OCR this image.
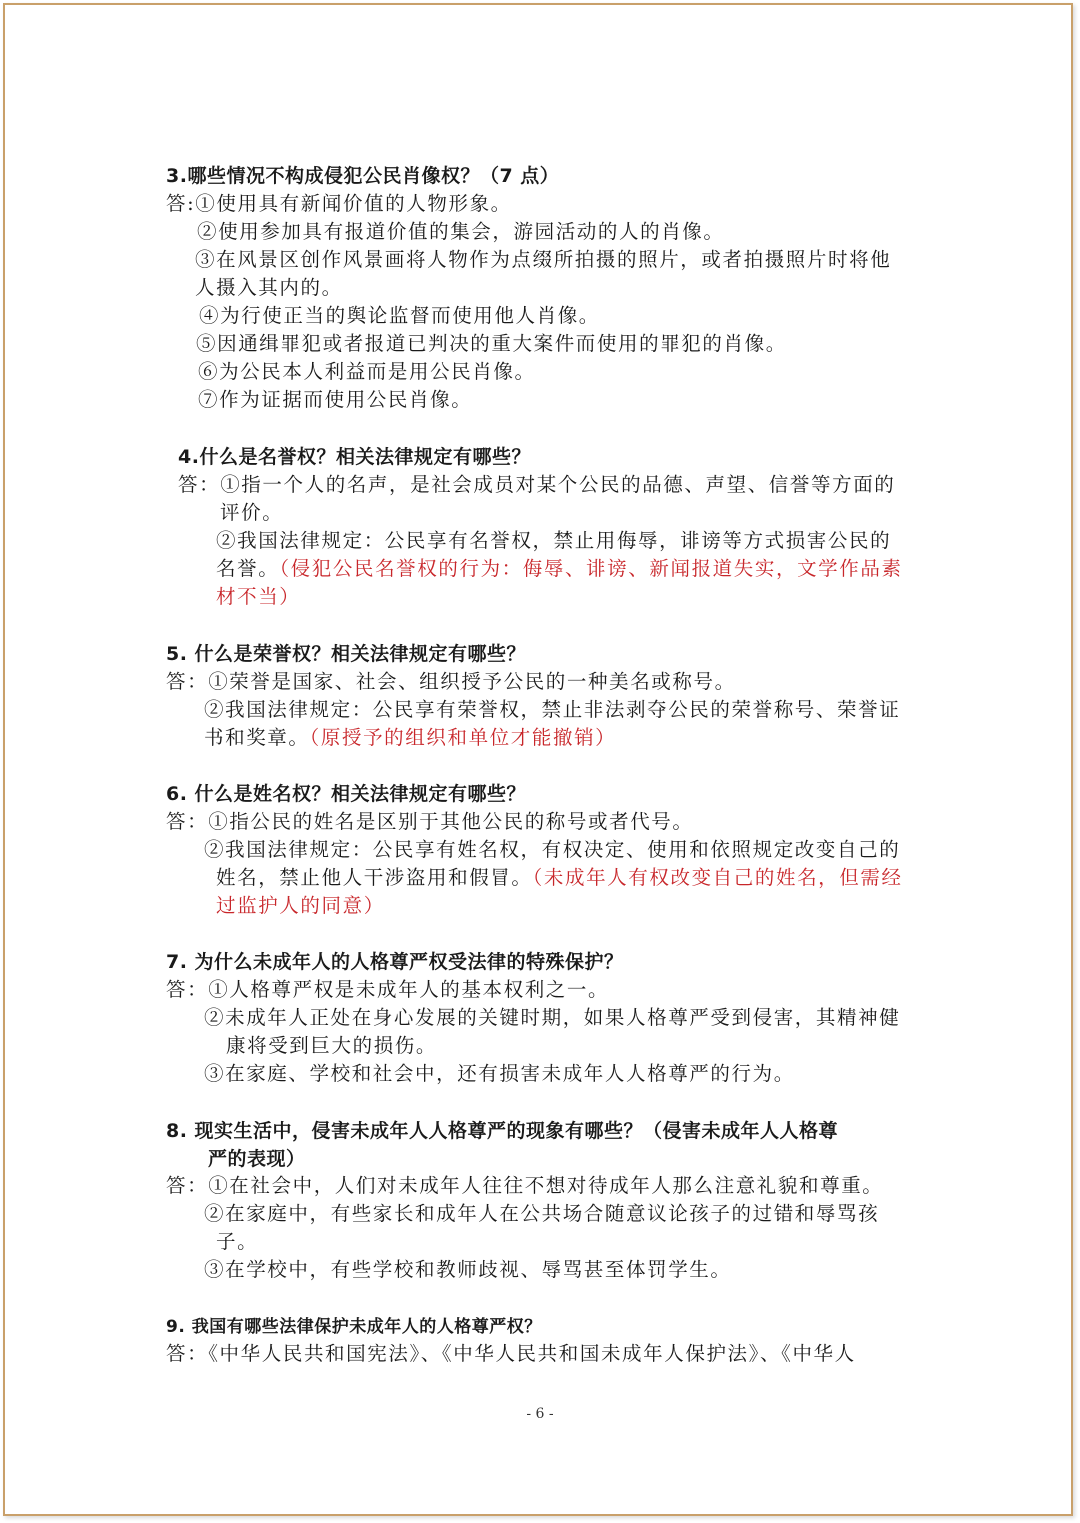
3.哪些情况不构成侵犯公民肖像权？（7 点）
答:①使用具有新闻价值的人物形象。
②使用参加具有报道价值的集会，游园活动的人的肖像。
③在风景区创作风景画将人物作为点缀所拍摄的照片，或者拍摄照片时将他
人摄入其内的。
④为行使正当的舆论监督而使用他人肖像。
⑤因通缉罪犯或者报道已判决的重大案件而使用的罪犯的肖像。
⑥为公民本人利益而是用公民肖像。
⑦作为证据而使用公民肖像。
4.什么是名誉权？相关法律规定有哪些？
答：①指一个人的名声，是社会成员对某个公民的品德、声望、信誉等方面的
评价。
②我国法律规定：公民享有名誉权，禁止用侮辱，诽谤等方式损害公民的
名誉。（侵犯公民名誉权的行为：侮辱、诽谤、新闻报道失实，文学作品素
材不当）
5. 什么是荣誉权？相关法律规定有哪些？
答：①荣誉是国家、社会、组织授予公民的一种美名或称号。
②我国法律规定：公民享有荣誉权，禁止非法剥夺公民的荣誉称号、荣誉证
书和奖章。（原授予的组织和单位才能撤销）
6. 什么是姓名权？相关法律规定有哪些？
答：①指公民的姓名是区别于其他公民的称号或者代号。
②我国法律规定：公民享有姓名权，有权决定、使用和依照规定改变自己的
姓名，禁止他人干涉盗用和假冒。（未成年人有权改变自己的姓名，但需经
过监护人的同意）
7. 为什么未成年人的人格尊严权受法律的特殊保护？
答：①人格尊严权是未成年人的基本权利之一。
②未成年人正处在身心发展的关键时期，如果人格尊严受到侵害，其精神健
康将受到巨大的损伤。
③在家庭、学校和社会中，还有损害未成年人人格尊严的行为。
8. 现实生活中，侵害未成年人人格尊严的现象有哪些？（侵害未成年人人格尊
严的表现）
答：①在社会中，人们对未成年人往往不想对待成年人那么注意礼貌和尊重。
②在家庭中，有些家长和成年人在公共场合随意议论孩子的过错和辱骂孩
子。
③在学校中，有些学校和教师歧视、辱骂甚至体罚学生。
9. 我国有哪些法律保护未成年人的人格尊严权？
答：《中华人民共和国宪法》、《中华人民共和国未成年人保护法》、《中华人
- 6 -
